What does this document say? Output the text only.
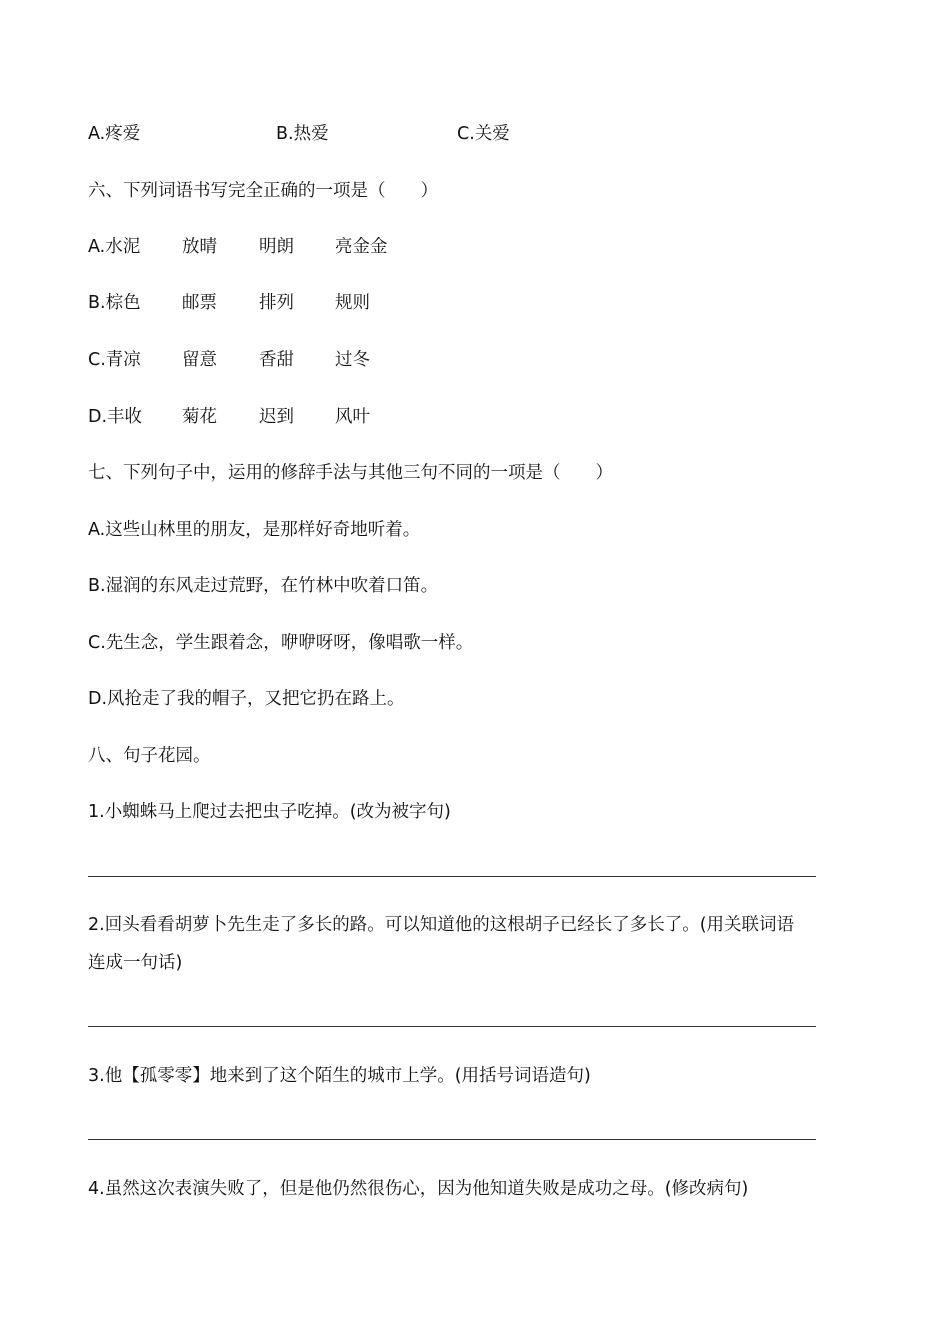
A.疼爱	B.热爱	C.关爱
六、下列词语书写完全正确的一项是（　　）
A.水泥 放晴 明朗 亮金金
B.棕色 邮票 排列 规则
C.青凉 留意 香甜 过冬
D.丰收 菊花 迟到 风叶
七、下列句子中，运用的修辞手法与其他三句不同的一项是（　　）
A.这些山林里的朋友，是那样好奇地听着。
B.湿润的东风走过荒野，在竹林中吹着口笛。
C.先生念，学生跟着念，咿咿呀呀，像唱歌一样。
D.风抢走了我的帽子，又把它扔在路上。
八、句子花园。
1.小蜘蛛马上爬过去把虫子吃掉。(改为被字句)
2.回头看看胡萝卜先生走了多长的路。可以知道他的这根胡子已经长了多长了。(用关联词语
连成一句话)
3.他【孤零零】地来到了这个陌生的城市上学。(用括号词语造句)
4.虽然这次表演失败了，但是他仍然很伤心，因为他知道失败是成功之母。(修改病句)
